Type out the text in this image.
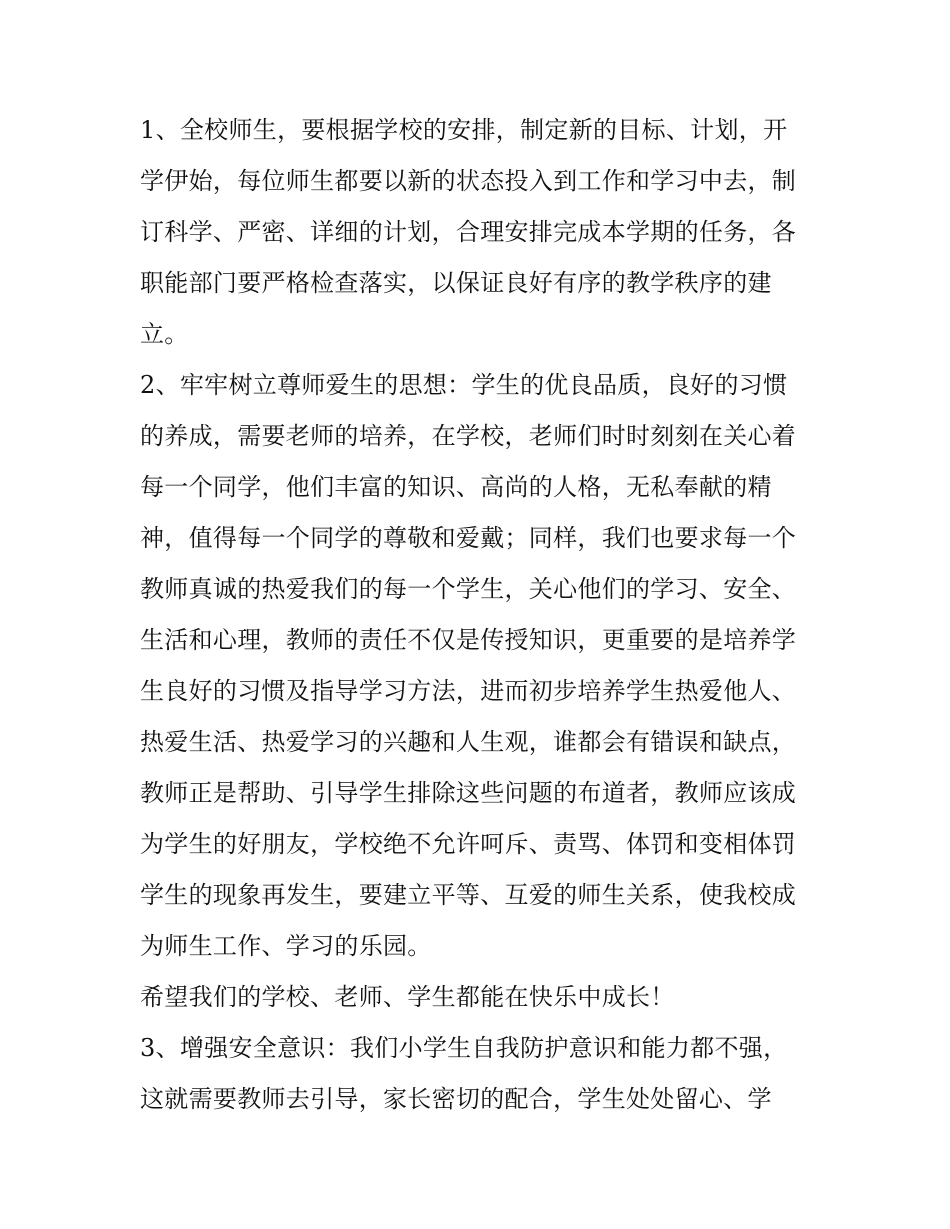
1、全校师生，要根据学校的安排，制定新的目标、计划，开
学伊始，每位师生都要以新的状态投入到工作和学习中去，制
订科学、严密、详细的计划，合理安排完成本学期的任务，各
职能部门要严格检查落实，以保证良好有序的教学秩序的建
立。
2、牢牢树立尊师爱生的思想：学生的优良品质，良好的习惯
的养成，需要老师的培养，在学校，老师们时时刻刻在关心着
每一个同学，他们丰富的知识、高尚的人格，无私奉献的精
神，值得每一个同学的尊敬和爱戴；同样，我们也要求每一个
教师真诚的热爱我们的每一个学生，关心他们的学习、安全、
生活和心理，教师的责任不仅是传授知识，更重要的是培养学
生良好的习惯及指导学习方法，进而初步培养学生热爱他人、
热爱生活、热爱学习的兴趣和人生观，谁都会有错误和缺点，
教师正是帮助、引导学生排除这些问题的布道者，教师应该成
为学生的好朋友，学校绝不允许呵斥、责骂、体罚和变相体罚
学生的现象再发生，要建立平等、互爱的师生关系，使我校成
为师生工作、学习的乐园。
希望我们的学校、老师、学生都能在快乐中成长！
3、增强安全意识：我们小学生自我防护意识和能力都不强，
这就需要教师去引导，家长密切的配合，学生处处留心、学
